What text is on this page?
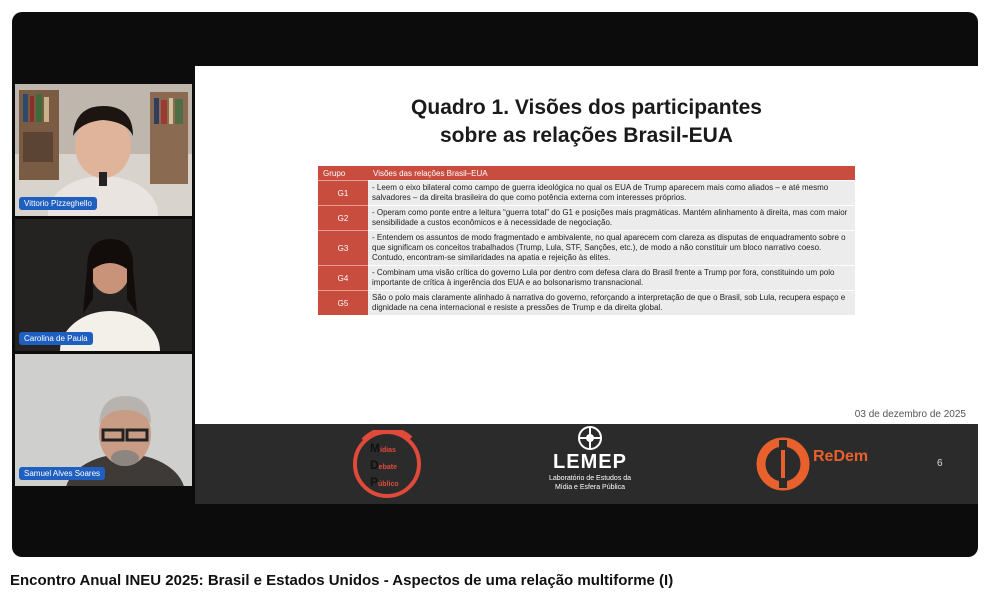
Vittorio Pizzeghello
Carolina de Paula
Samuel Alves Soares
Quadro 1. Visões dos participantes
sobre as relações Brasil-EUA
Grupo	Visões das relações Brasil–EUA
G1	- Leem o eixo bilateral como campo de guerra ideológica no qual os EUA de Trump aparecem mais como aliados – e até mesmo salvadores – da direita brasileira do que como potência externa com interesses próprios.
G2	- Operam como ponte entre a leitura “guerra total” do G1 e posições mais pragmáticas. Mantém alinhamento à direita, mas com maior sensibilidade a custos econômicos e à necessidade de negociação.
G3	- Entendem os assuntos de modo fragmentado e ambivalente, no qual aparecem com clareza as disputas de enquadramento sobre o que significam os conceitos trabalhados (Trump, Lula, STF, Sanções, etc.), de modo a não constituir um bloco narrativo coeso. Contudo, encontram-se similaridades na apatia e rejeição às elites.
G4	- Combinam uma visão crítica do governo Lula por dentro com defesa clara do Brasil frente a Trump por fora, constituindo um polo importante de crítica à ingerência dos EUA e ao bolsonarismo transnacional.
G5	São o polo mais claramente alinhado à narrativa do governo, reforçando a interpretação de que o Brasil, sob Lula, recupera espaço e dignidade na cena internacional e resiste a pressões de Trump e da direita global.
03 de dezembro de 2025
Mídias
Debate
Público
LEMEP
Laboratório de Estudos da
Mídia e Esfera Pública
ReDem	6
Encontro Anual INEU 2025: Brasil e Estados Unidos - Aspectos de uma relação multiforme (I)
